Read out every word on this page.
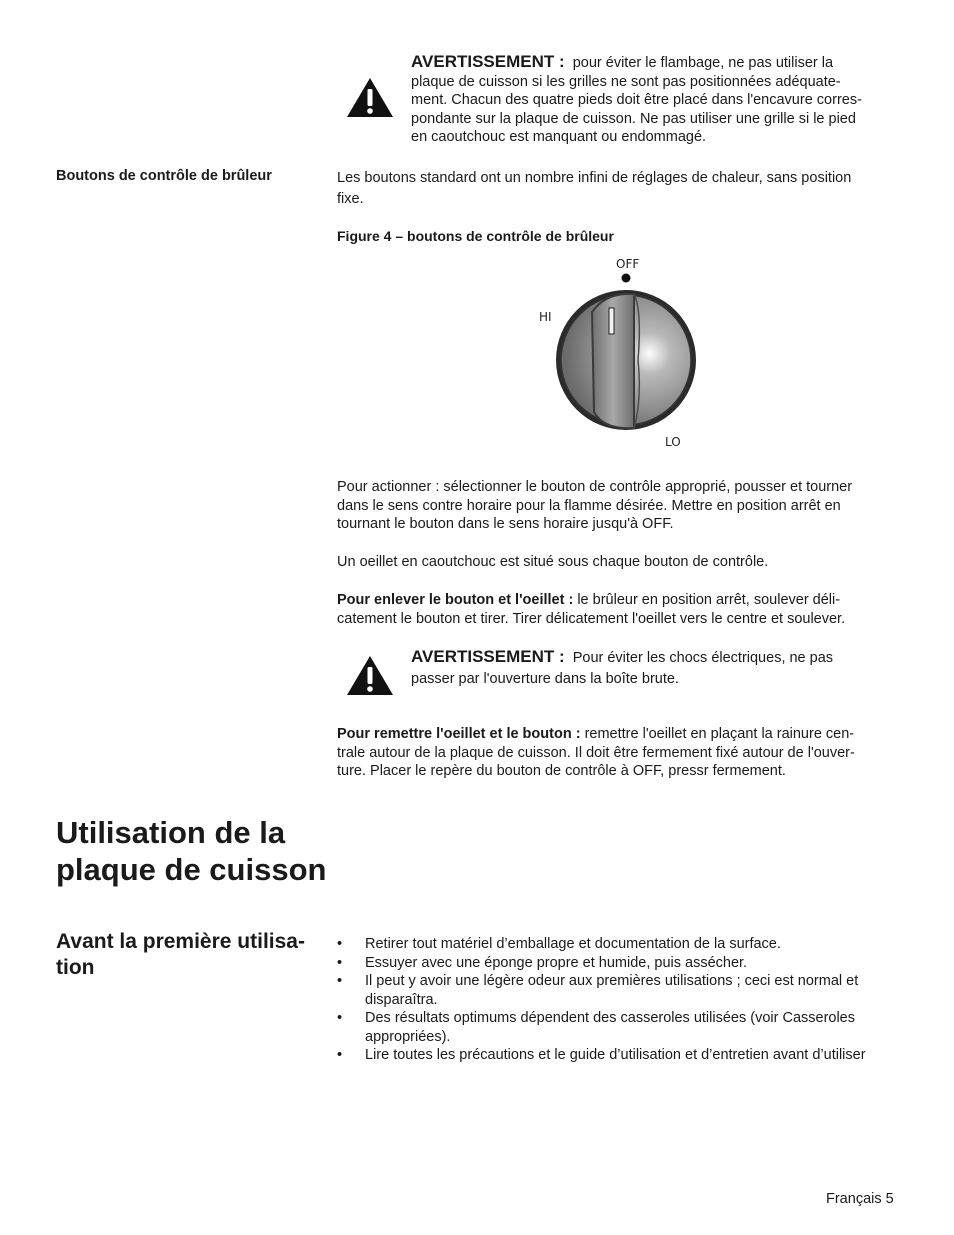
AVERTISSEMENT : pour éviter le flambage, ne pas utiliser la
plaque de cuisson si les grilles ne sont pas positionnées adéquate-
ment. Chacun des quatre pieds doit être placé dans l'encavure corres-
pondante sur la plaque de cuisson. Ne pas utiliser une grille si le pied
en caoutchouc est manquant ou endommagé.
Boutons de contrôle de brûleur	Les boutons standard ont un nombre infini de réglages de chaleur, sans position
fixe.
Figure 4 – boutons de contrôle de brûleur
OFF
HI
LO
Pour actionner : sélectionner le bouton de contrôle approprié, pousser et tourner
dans le sens contre horaire pour la flamme désirée. Mettre en position arrêt en
tournant le bouton dans le sens horaire jusqu'à OFF.
Un oeillet en caoutchouc est situé sous chaque bouton de contrôle.
Pour enlever le bouton et l'oeillet : le brûleur en position arrêt, soulever déli-
catement le bouton et tirer. Tirer délicatement l'oeillet vers le centre et soulever.
AVERTISSEMENT : Pour éviter les chocs électriques, ne pas
passer par l'ouverture dans la boîte brute.
Pour remettre l'oeillet et le bouton : remettre l'oeillet en plaçant la rainure cen-
trale autour de la plaque de cuisson. Il doit être fermement fixé autour de l'ouver-
ture. Placer le repère du bouton de contrôle à OFF, pressr fermement.
Utilisation de la
plaque de cuisson
Avant la première utilisa-
tion
• Retirer tout matériel d’emballage et documentation de la surface.
• Essuyer avec une éponge propre et humide, puis assécher.
• Il peut y avoir une légère odeur aux premières utilisations ; ceci est normal et
disparaîtra.
• Des résultats optimums dépendent des casseroles utilisées (voir Casseroles
appropriées).
• Lire toutes les précautions et le guide d’utilisation et d’entretien avant d’utiliser
Français 5
